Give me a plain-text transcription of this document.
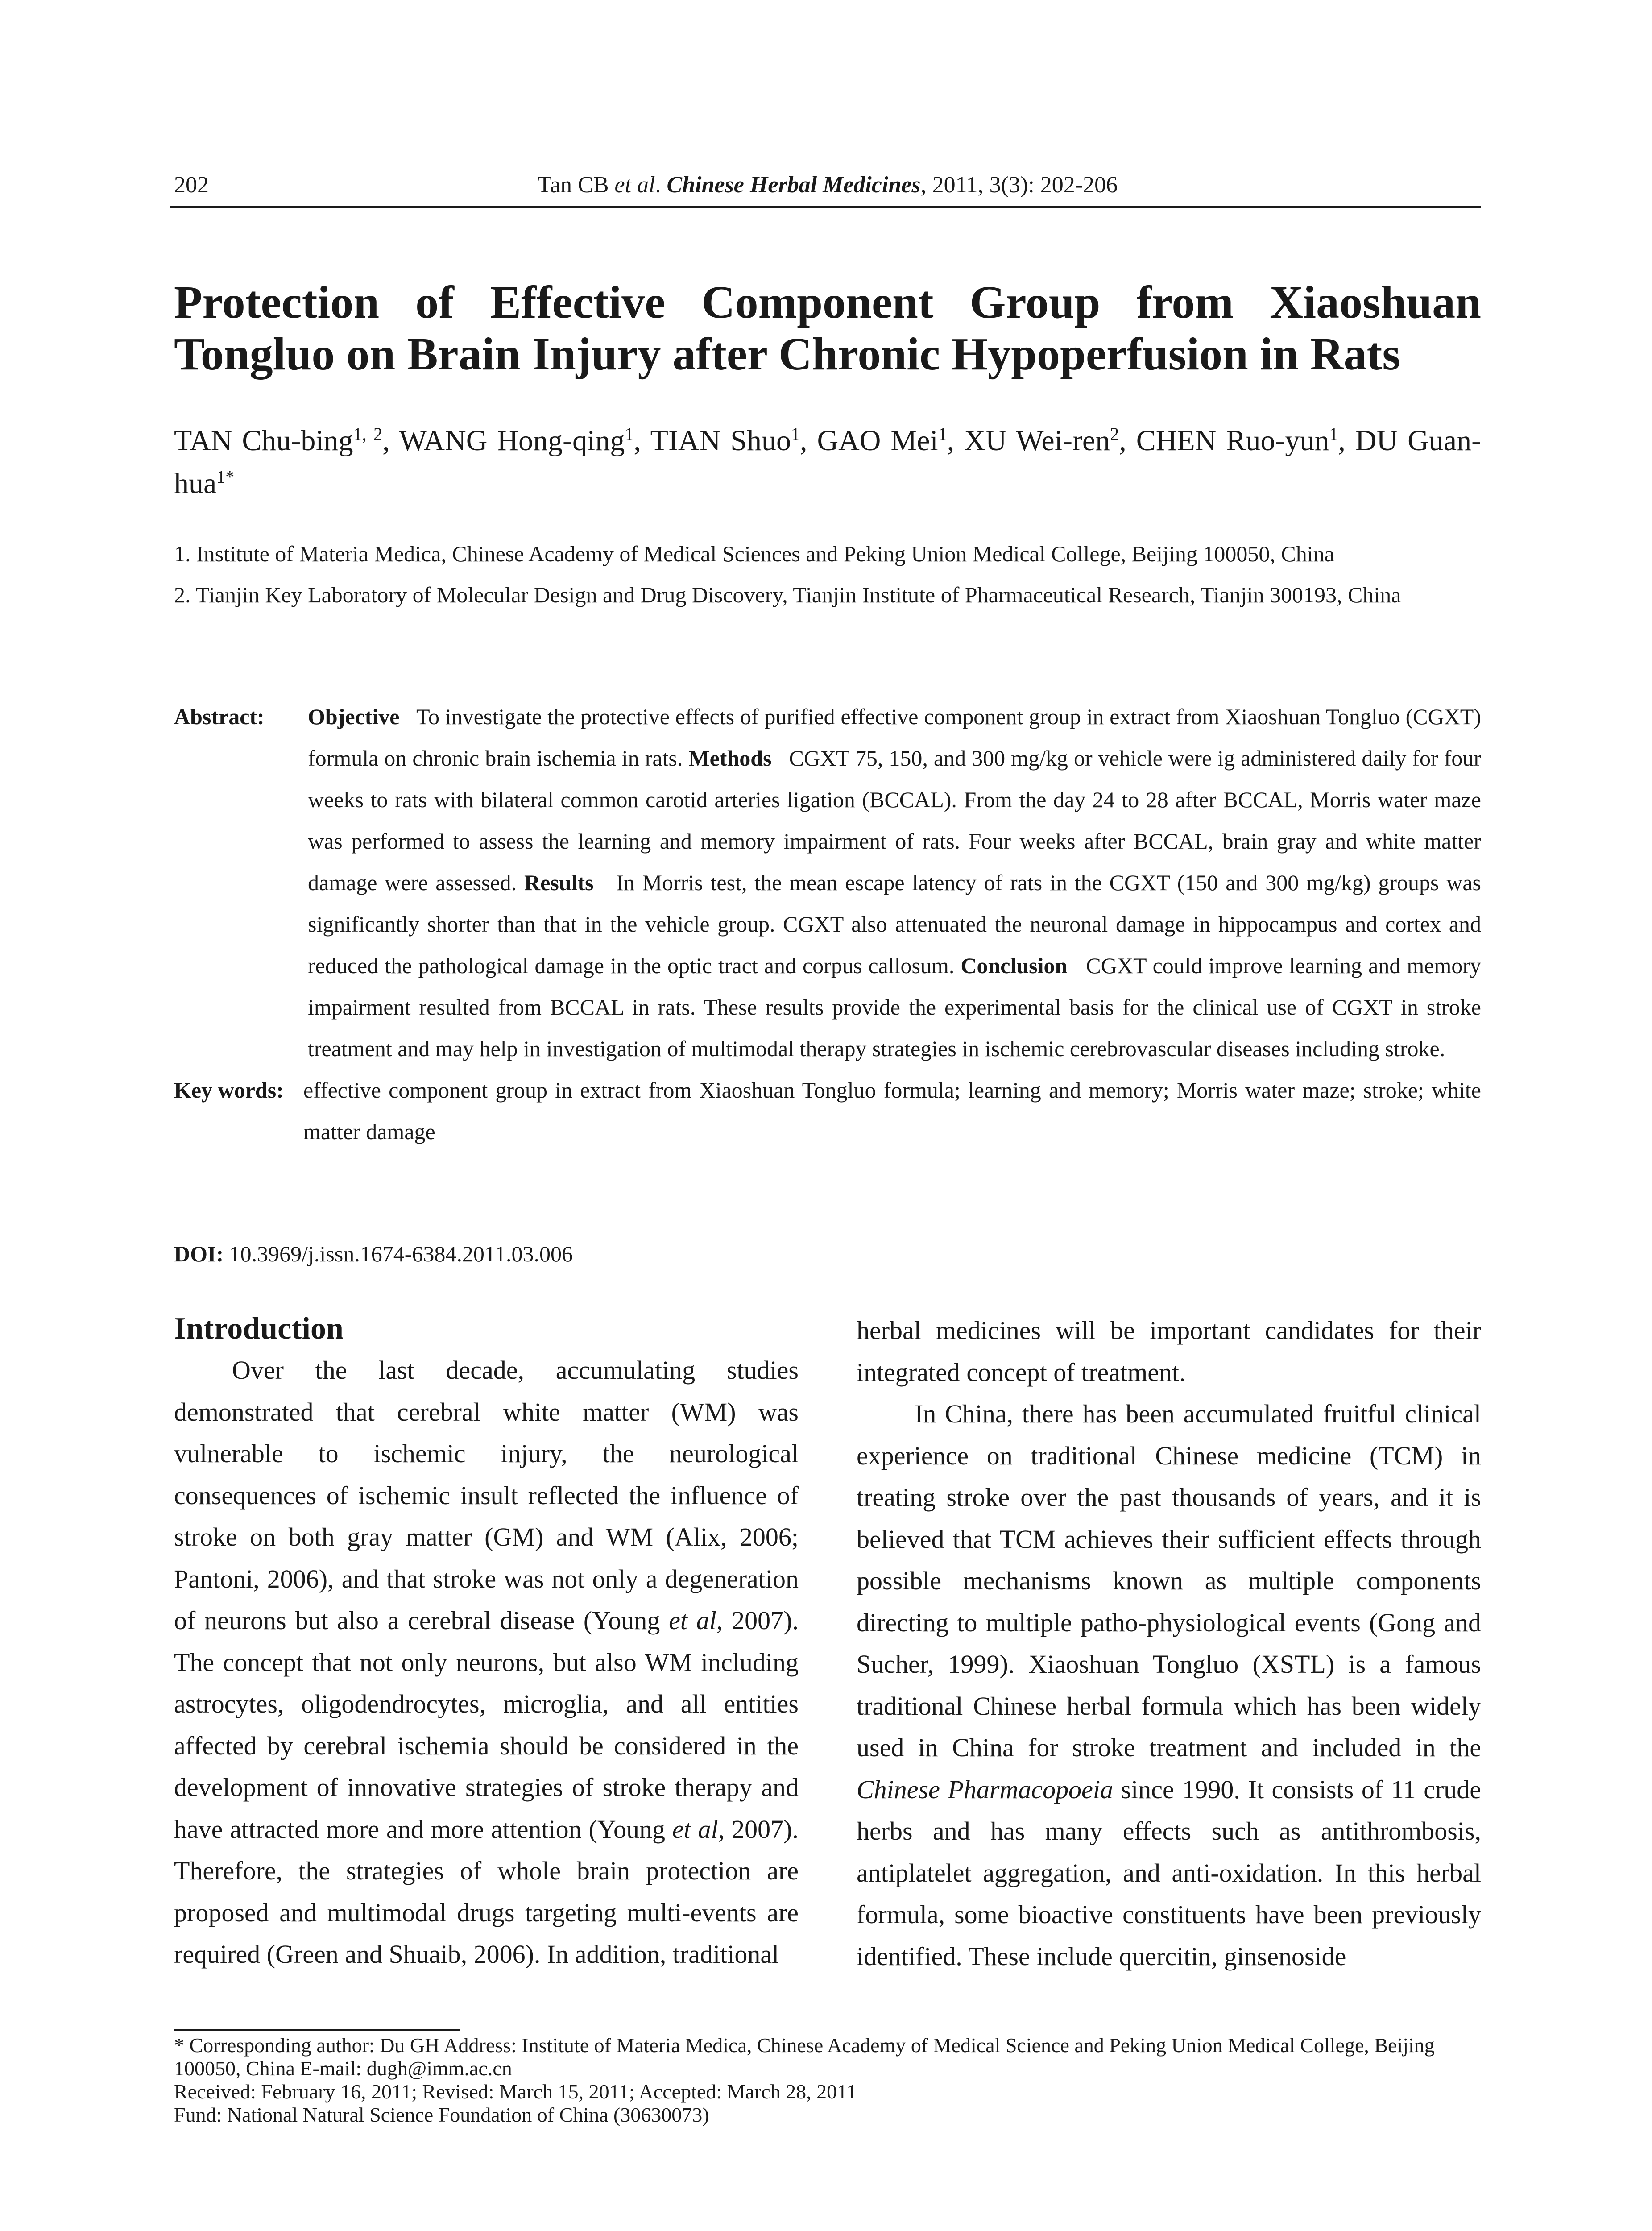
202	Tan CB et al. Chinese Herbal Medicines, 2011, 3(3): 202-206
Protection of Effective Component Group from Xiaoshuan Tongluo on Brain Injury after Chronic Hypoperfusion in Rats
TAN Chu-bing$^{1, 2}$, WANG Hong-qing$^1$, TIAN Shuo$^1$, GAO Mei$^1$, XU Wei-ren$^2$, CHEN Ruo-yun$^1$, DU Guan-hua$^{1*}$
1. Institute of Materia Medica, Chinese Academy of Medical Sciences and Peking Union Medical College, Beijing 100050, China
2. Tianjin Key Laboratory of Molecular Design and Drug Discovery, Tianjin Institute of Pharmaceutical Research, Tianjin 300193, China
Abstract:	Objective To investigate the protective effects of purified effective component group in extract from Xiaoshuan Tongluo (CGXT) formula on chronic brain ischemia in rats. Methods CGXT 75, 150, and 300 mg/kg or vehicle were ig administered daily for four weeks to rats with bilateral common carotid arteries ligation (BCCAL). From the day 24 to 28 after BCCAL, Morris water maze was performed to assess the learning and memory impairment of rats. Four weeks after BCCAL, brain gray and white matter damage were assessed. Results In Morris test, the mean escape latency of rats in the CGXT (150 and 300 mg/kg) groups was significantly shorter than that in the vehicle group. CGXT also attenuated the neuronal damage in hippocampus and cortex and reduced the pathological damage in the optic tract and corpus callosum. Conclusion CGXT could improve learning and memory impairment resulted from BCCAL in rats. These results provide the experimental basis for the clinical use of CGXT in stroke treatment and may help in investigation of multimodal therapy strategies in ischemic cerebrovascular diseases including stroke.
Key words: effective component group in extract from Xiaoshuan Tongluo formula; learning and memory; Morris water maze; stroke; white matter damage
DOI: 10.3969/j.issn.1674-6384.2011.03.006
Introduction

Over the last decade, accumulating studies demonstrated that cerebral white matter (WM) was vulnerable to ischemic injury, the neurological consequences of ischemic insult reflected the influence of stroke on both gray matter (GM) and WM (Alix, 2006; Pantoni, 2006), and that stroke was not only a degeneration of neurons but also a cerebral disease (Young et al, 2007). The concept that not only neurons, but also WM including astrocytes, oligodendrocytes, microglia, and all entities affected by cerebral ischemia should be considered in the development of innovative strategies of stroke therapy and have attracted more and more attention (Young et al, 2007). Therefore, the strategies of whole brain protection are proposed and multimodal drugs targeting multi-events are required (Green and Shuaib, 2006). In addition, traditional

herbal medicines will be important candidates for their integrated concept of treatment.

In China, there has been accumulated fruitful clinical experience on traditional Chinese medicine (TCM) in treating stroke over the past thousands of years, and it is believed that TCM achieves their sufficient effects through possible mechanisms known as multiple components directing to multiple patho-physiological events (Gong and Sucher, 1999). Xiaoshuan Tongluo (XSTL) is a famous traditional Chinese herbal formula which has been widely used in China for stroke treatment and included in the Chinese Pharmacopoeia since 1990. It consists of 11 crude herbs and has many effects such as antithrombosis, antiplatelet aggregation, and anti-oxidation. In this herbal formula, some bioactive constituents have been previously identified. These include quercitin, ginsenoside

* Corresponding author: Du GH Address: Institute of Materia Medica, Chinese Academy of Medical Science and Peking Union Medical College, Beijing 100050, China E-mail: dugh@imm.ac.cn
Received: February 16, 2011; Revised: March 15, 2011; Accepted: March 28, 2011
Fund: National Natural Science Foundation of China (30630073)
